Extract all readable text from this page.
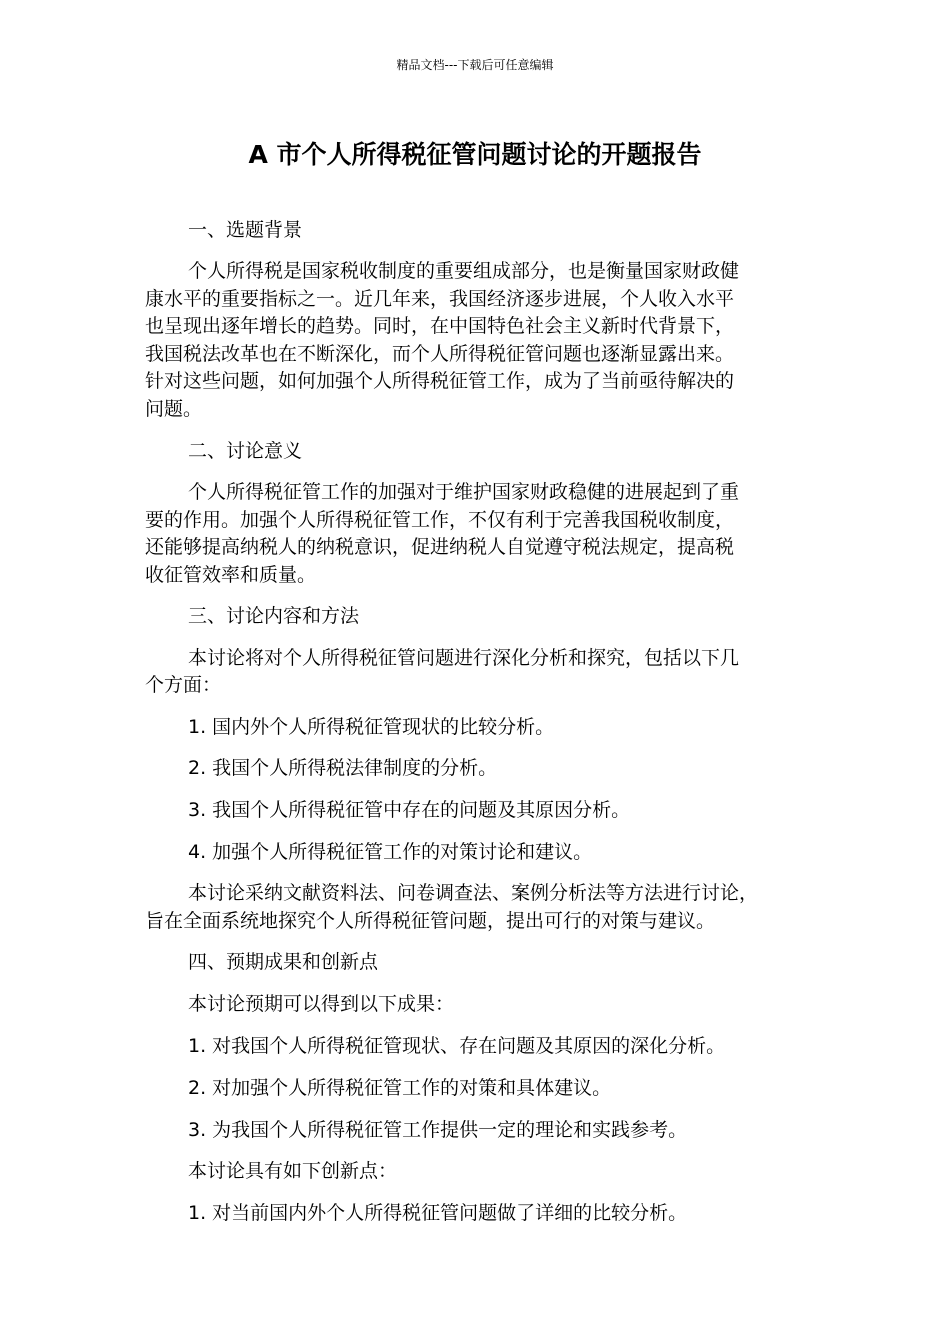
精品文档---下载后可任意编辑
A 市个人所得税征管问题讨论的开题报告
一、选题背景
个人所得税是国家税收制度的重要组成部分，也是衡量国家财政健
康水平的重要指标之一。近几年来，我国经济逐步进展，个人收入水平
也呈现出逐年增长的趋势。同时，在中国特色社会主义新时代背景下，
我国税法改革也在不断深化，而个人所得税征管问题也逐渐显露出来。
针对这些问题，如何加强个人所得税征管工作，成为了当前亟待解决的
问题。
二、讨论意义
个人所得税征管工作的加强对于维护国家财政稳健的进展起到了重
要的作用。加强个人所得税征管工作，不仅有利于完善我国税收制度，
还能够提高纳税人的纳税意识，促进纳税人自觉遵守税法规定，提高税
收征管效率和质量。
三、讨论内容和方法
本讨论将对个人所得税征管问题进行深化分析和探究，包括以下几
个方面：
1. 国内外个人所得税征管现状的比较分析。
2. 我国个人所得税法律制度的分析。
3. 我国个人所得税征管中存在的问题及其原因分析。
4. 加强个人所得税征管工作的对策讨论和建议。
本讨论采纳文献资料法、问卷调查法、案例分析法等方法进行讨论，
旨在全面系统地探究个人所得税征管问题，提出可行的对策与建议。
四、预期成果和创新点
本讨论预期可以得到以下成果：
1. 对我国个人所得税征管现状、存在问题及其原因的深化分析。
2. 对加强个人所得税征管工作的对策和具体建议。
3. 为我国个人所得税征管工作提供一定的理论和实践参考。
本讨论具有如下创新点：
1. 对当前国内外个人所得税征管问题做了详细的比较分析。
